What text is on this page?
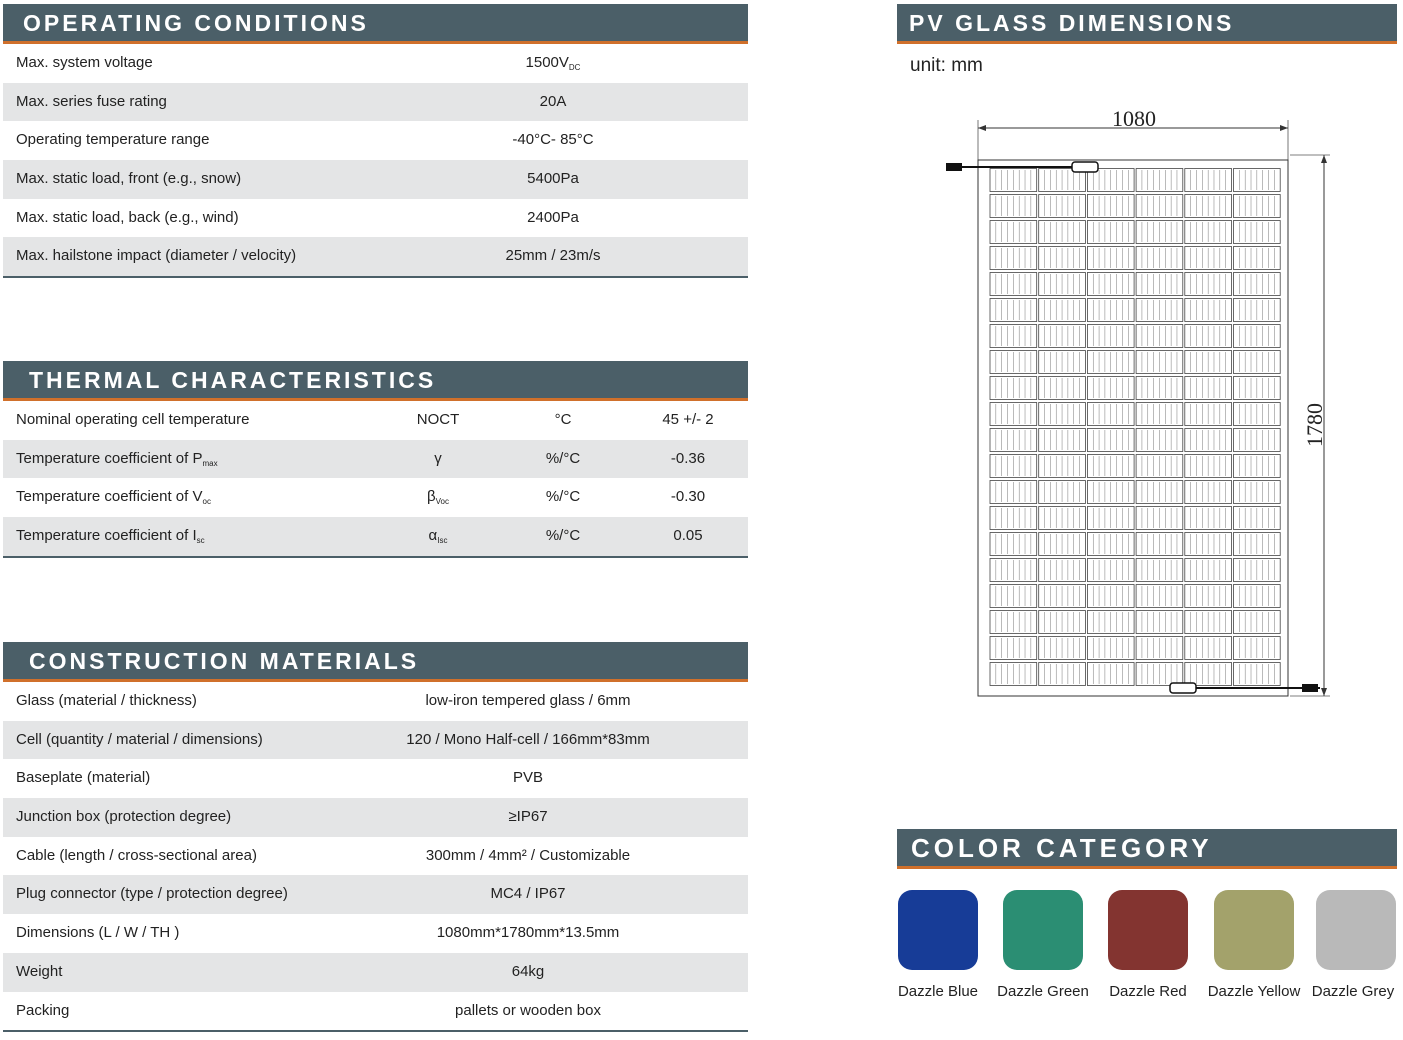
OPERATING CONDITIONS
THERMAL CHARACTERISTICS
CONSTRUCTION MATERIALS
PV GLASS DIMENSIONS
COLOR CATEGORY
Max. system voltage	$1500V_{DC}$
Max. series fuse rating	20A
Operating temperature range	-40°C- 85°C
Max. static load, front (e.g., snow)	5400Pa
Max. static load, back (e.g., wind)	2400Pa
Max. hailstone impact (diameter / velocity)	25mm / 23m/s
Nominal operating cell temperature	NOCT	°C	45 +/- 2
Temperature coefficient of $P_{max}$	γ	%/°C	-0.36
Temperature coefficient of $V_{oc}$	$\beta_{Voc}$	%/°C	-0.30
Temperature coefficient of $I_{sc}$	$\alpha_{Isc}$	%/°C	0.05
Glass (material / thickness)	low-iron tempered glass / 6mm
Cell (quantity / material / dimensions)	120 / Mono Half-cell / 166mm*83mm
Baseplate (material)	PVB
Junction box (protection degree)	≥IP67
Cable (length / cross-sectional area)	300mm / 4mm² / Customizable
Plug connector (type / protection degree)	MC4 / IP67
Dimensions (L / W / TH )	1080mm*1780mm*13.5mm
Weight	64kg
Packing	pallets or wooden box
unit: mm
1080
1780
Dazzle Blue	Dazzle Green	Dazzle Red	Dazzle Yellow Dazzle Grey
